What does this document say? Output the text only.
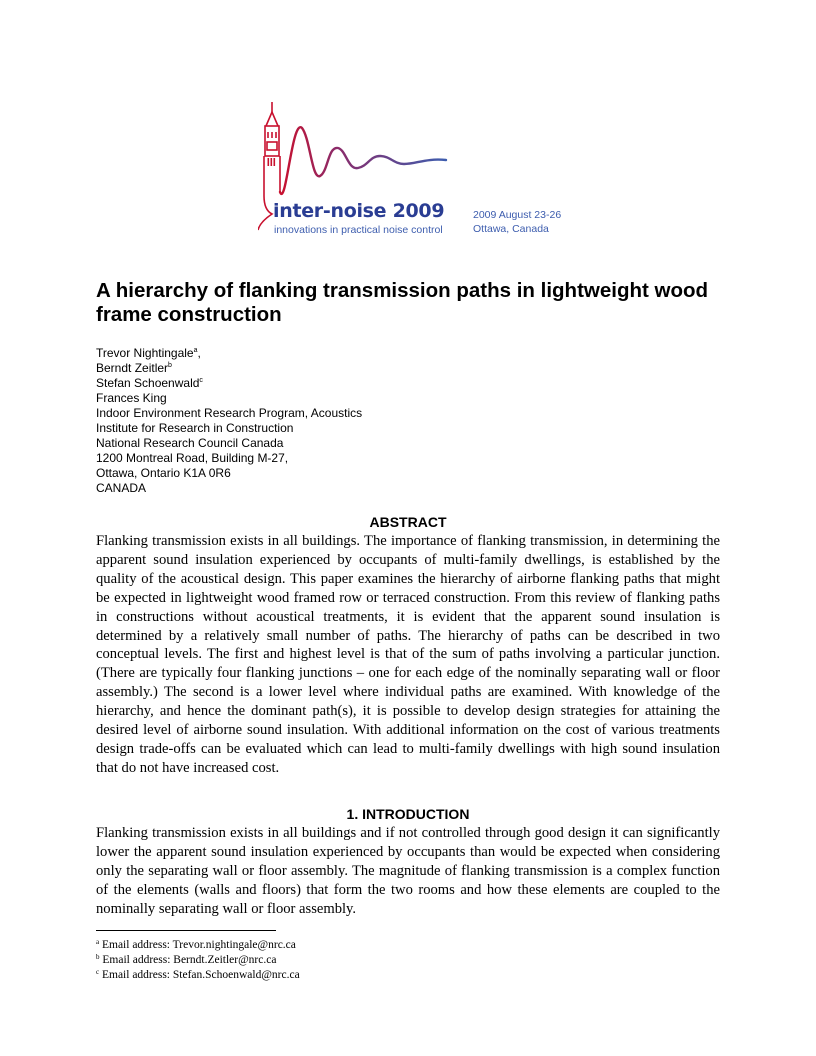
inter-noise 2009
innovations in practical noise control
2009 August 23-26
Ottawa, Canada
A hierarchy of flanking transmission paths in lightweight wood frame construction
Trevor Nightingale$^a$,
Berndt Zeitler$^b$
Stefan Schoenwald$^c$
Frances King
Indoor Environment Research Program, Acoustics
Institute for Research in Construction
National Research Council Canada
1200 Montreal Road, Building M-27,
Ottawa, Ontario K1A 0R6
CANADA
ABSTRACT

Flanking transmission exists in all buildings. The importance of flanking transmission, in determining the apparent sound insulation experienced by occupants of multi-family dwellings, is established by the quality of the acoustical design. This paper examines the hierarchy of airborne flanking paths that might be expected in lightweight wood framed row or terraced construction. From this review of flanking paths in constructions without acoustical treatments, it is evident that the apparent sound insulation is determined by a relatively small number of paths. The hierarchy of paths can be described in two conceptual levels. The first and highest level is that of the sum of paths involving a particular junction. (There are typically four flanking junctions – one for each edge of the nominally separating wall or floor assembly.) The second is a lower level where individual paths are examined. With knowledge of the hierarchy, and hence the dominant path(s), it is possible to develop design strategies for attaining the desired level of airborne sound insulation. With additional information on the cost of various treatments design trade-offs can be evaluated which can lead to multi-family dwellings with high sound insulation that do not have increased cost.

1. INTRODUCTION

Flanking transmission exists in all buildings and if not controlled through good design it can significantly lower the apparent sound insulation experienced by occupants than would be expected when considering only the separating wall or floor assembly. The magnitude of flanking transmission is a complex function of the elements (walls and floors) that form the two rooms and how these elements are coupled to the nominally separating wall or floor assembly.

$^a$ Email address: Trevor.nightingale@nrc.ca
$^b$ Email address: Berndt.Zeitler@nrc.ca
$^c$ Email address: Stefan.Schoenwald@nrc.ca
